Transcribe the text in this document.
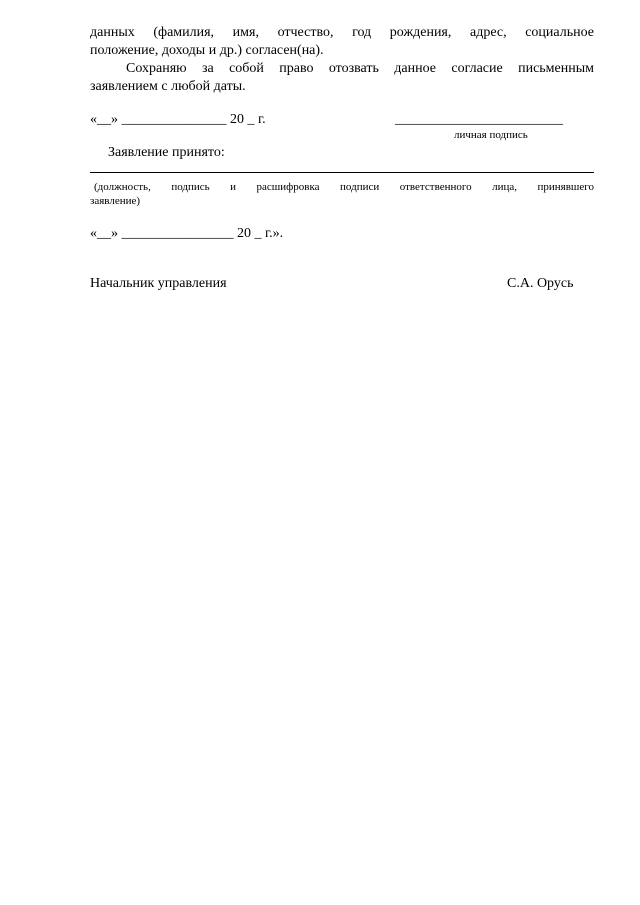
данных (фамилия, имя, отчество, год рождения, адрес, социальное
положение, доходы и др.) согласен(на).
Сохраняю за собой право отозвать данное согласие письменным
заявлением с любой даты.
«__» _______________ 20 _ г.	________________________
личная подпись
Заявление принято:
(должность, подпись и расшифровка подписи ответственного лица, принявшего
заявление)
«__» ________________ 20 _ г.».
Начальник управления	С.А. Орусь
